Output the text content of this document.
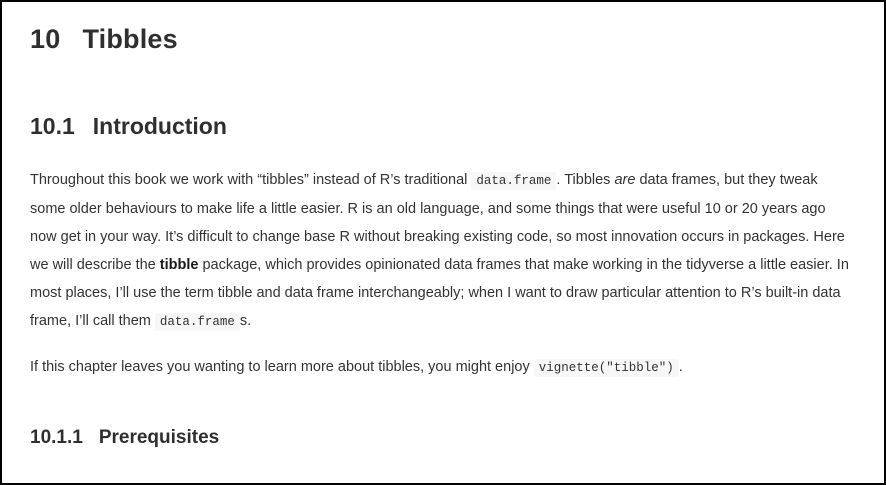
10 Tibbles
10.1 Introduction

Throughout this book we work with “tibbles” instead of R’s traditional data.frame . Tibbles are data frames, but they tweak some older behaviours to make life a little easier. R is an old language, and some things that were useful 10 or 20 years ago now get in your way. It’s difficult to change base R without breaking existing code, so most innovation occurs in packages. Here we will describe the tibble package, which provides opinionated data frames that make working in the tidyverse a little easier. In most places, I’ll use the term tibble and data frame interchangeably; when I want to draw particular attention to R’s built-in data frame, I’ll call them data.frame s.

If this chapter leaves you wanting to learn more about tibbles, you might enjoy vignette("tibble") .

10.1.1 Prerequisites
